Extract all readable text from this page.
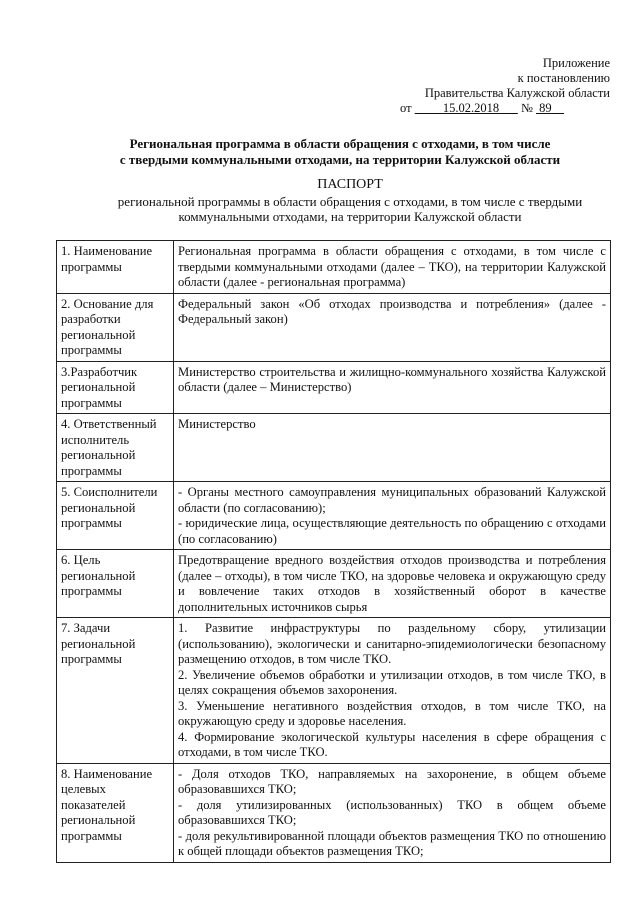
Приложение
к постановлению
Правительства Калужской области
от	15.02.2018 № 89
Региональная программа в области обращения с отходами, в том числе
с твердыми коммунальными отходами, на территории Калужской области
ПАСПОРТ
региональной программы в области обращения с отходами, в том числе с твердыми
коммунальными отходами, на территории Калужской области
1. Наименование программы	Региональная программа в области обращения с отходами, в том числе с твердыми коммунальными отходами (далее – ТКО), на территории Калужской области (далее - региональная программа)

2. Основание для разработки региональной программы	Федеральный закон «Об отходах производства и потребления» (далее - Федеральный закон)

3.Разработчик региональной программы	Министерство строительства и жилищно-коммунального хозяйства Калужской области (далее – Министерство)

4. Ответственный исполнитель региональной программы	Министерство

5. Соисполнители региональной программы	- Органы местного самоуправления муниципальных образований Калужской области (по согласованию);
- юридические лица, осуществляющие деятельность по обращению с отходами (по согласованию)

6. Цель региональной программы	Предотвращение вредного воздействия отходов производства и потребления (далее – отходы), в том числе ТКО, на здоровье человека и окружающую среду и вовлечение таких отходов в хозяйственный оборот в качестве дополнительных источников сырья

7. Задачи региональной программы	1. Развитие инфраструктуры по раздельному сбору, утилизации (использованию), экологически и санитарно-эпидемиологически безопасному размещению отходов, в том числе ТКО.
2. Увеличение объемов обработки и утилизации отходов, в том числе ТКО, в целях сокращения объемов захоронения.
3. Уменьшение негативного воздействия отходов, в том числе ТКО, на окружающую среду и здоровье населения.
4. Формирование экологической культуры населения в сфере обращения с отходами, в том числе ТКО.

8. Наименование целевых показателей региональной программы	- Доля отходов ТКО, направляемых на захоронение, в общем объеме образовавшихся ТКО;
- доля утилизированных (использованных) ТКО в общем объеме образовавшихся ТКО;
- доля рекультивированной площади объектов размещения ТКО по отношению к общей площади объектов размещения ТКО;
